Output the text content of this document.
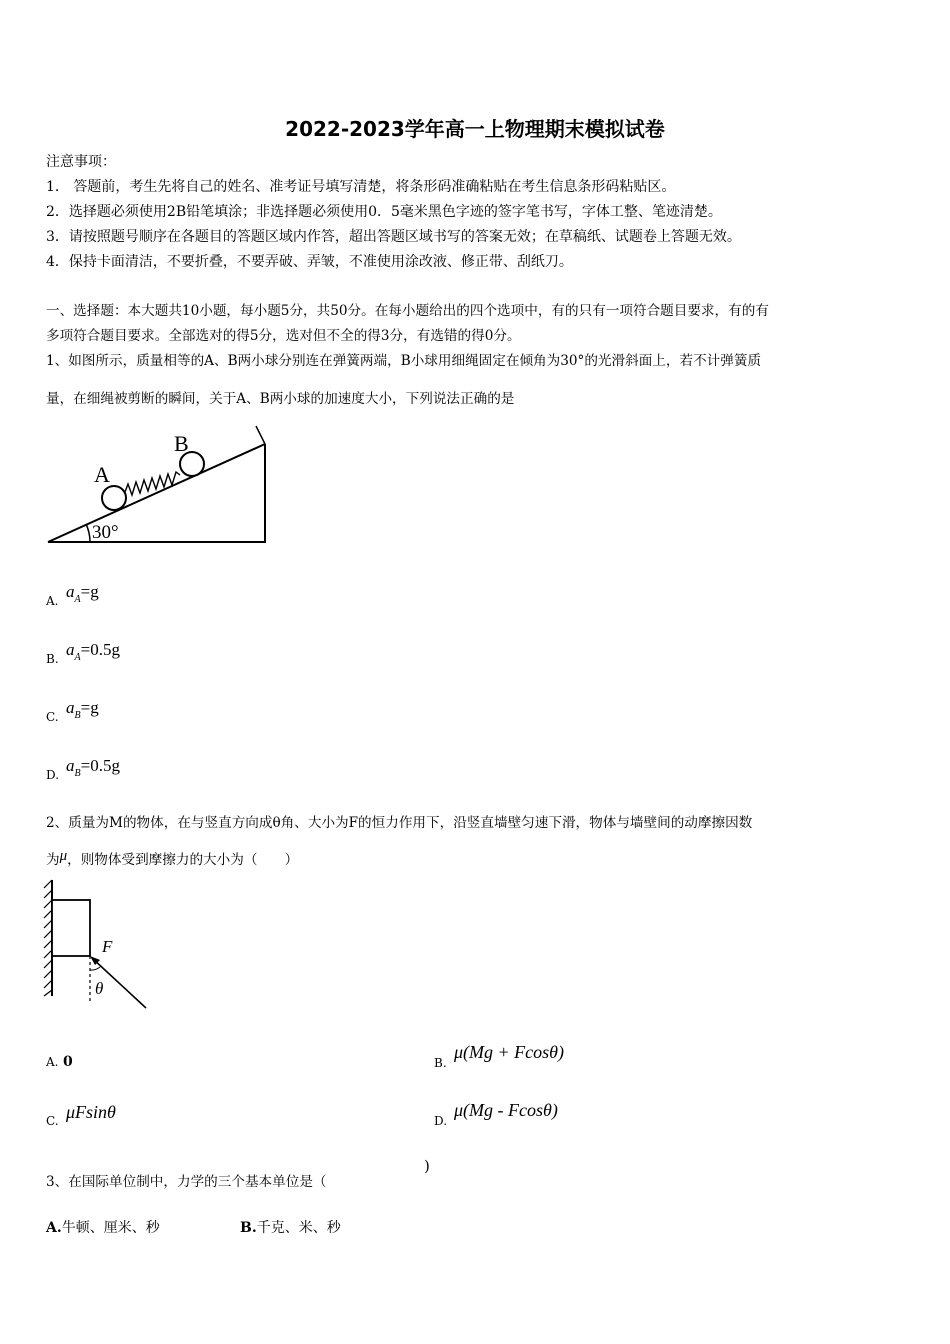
2022-2023学年高一上物理期末模拟试卷
注意事项：
1． 答题前，考生先将自己的姓名、准考证号填写清楚，将条形码准确粘贴在考生信息条形码粘贴区。
2．选择题必须使用2B铅笔填涂；非选择题必须使用0．5毫米黑色字迹的签字笔书写，字体工整、笔迹清楚。
3．请按照题号顺序在各题目的答题区域内作答，超出答题区域书写的答案无效；在草稿纸、试题卷上答题无效。
4．保持卡面清洁，不要折叠，不要弄破、弄皱，不准使用涂改液、修正带、刮纸刀。
一、选择题：本大题共10小题，每小题5分，共50分。在每小题给出的四个选项中，有的只有一项符合题目要求，有的有
多项符合题目要求。全部选对的得5分，选对但不全的得3分，有选错的得0分。
1、如图所示，质量相等的A、B两小球分别连在弹簧两端，B小球用细绳固定在倾角为30°的光滑斜面上，若不计弹簧质
量，在细绳被剪断的瞬间，关于A、B两小球的加速度大小，下列说法正确的是
30°
A
B
A. $a_A=g$
B. $a_A=0.5g$
C. $a_B=g$
D. $a_B=0.5g$
2、质量为M的物体，在与竖直方向成θ角、大小为F的恒力作用下，沿竖直墙壁匀速下滑，物体与墙壁间的动摩擦因数
为μ，则物体受到摩擦力的大小为（　　）
F
θ
A. 0	B.
μ(Mg + Fcosθ)
C. μFsinθ	D.
μ(Mg - Fcosθ)
)
3、在国际单位制中，力学的三个基本单位是（
A.牛顿、厘米、秒	B.千克、米、秒
